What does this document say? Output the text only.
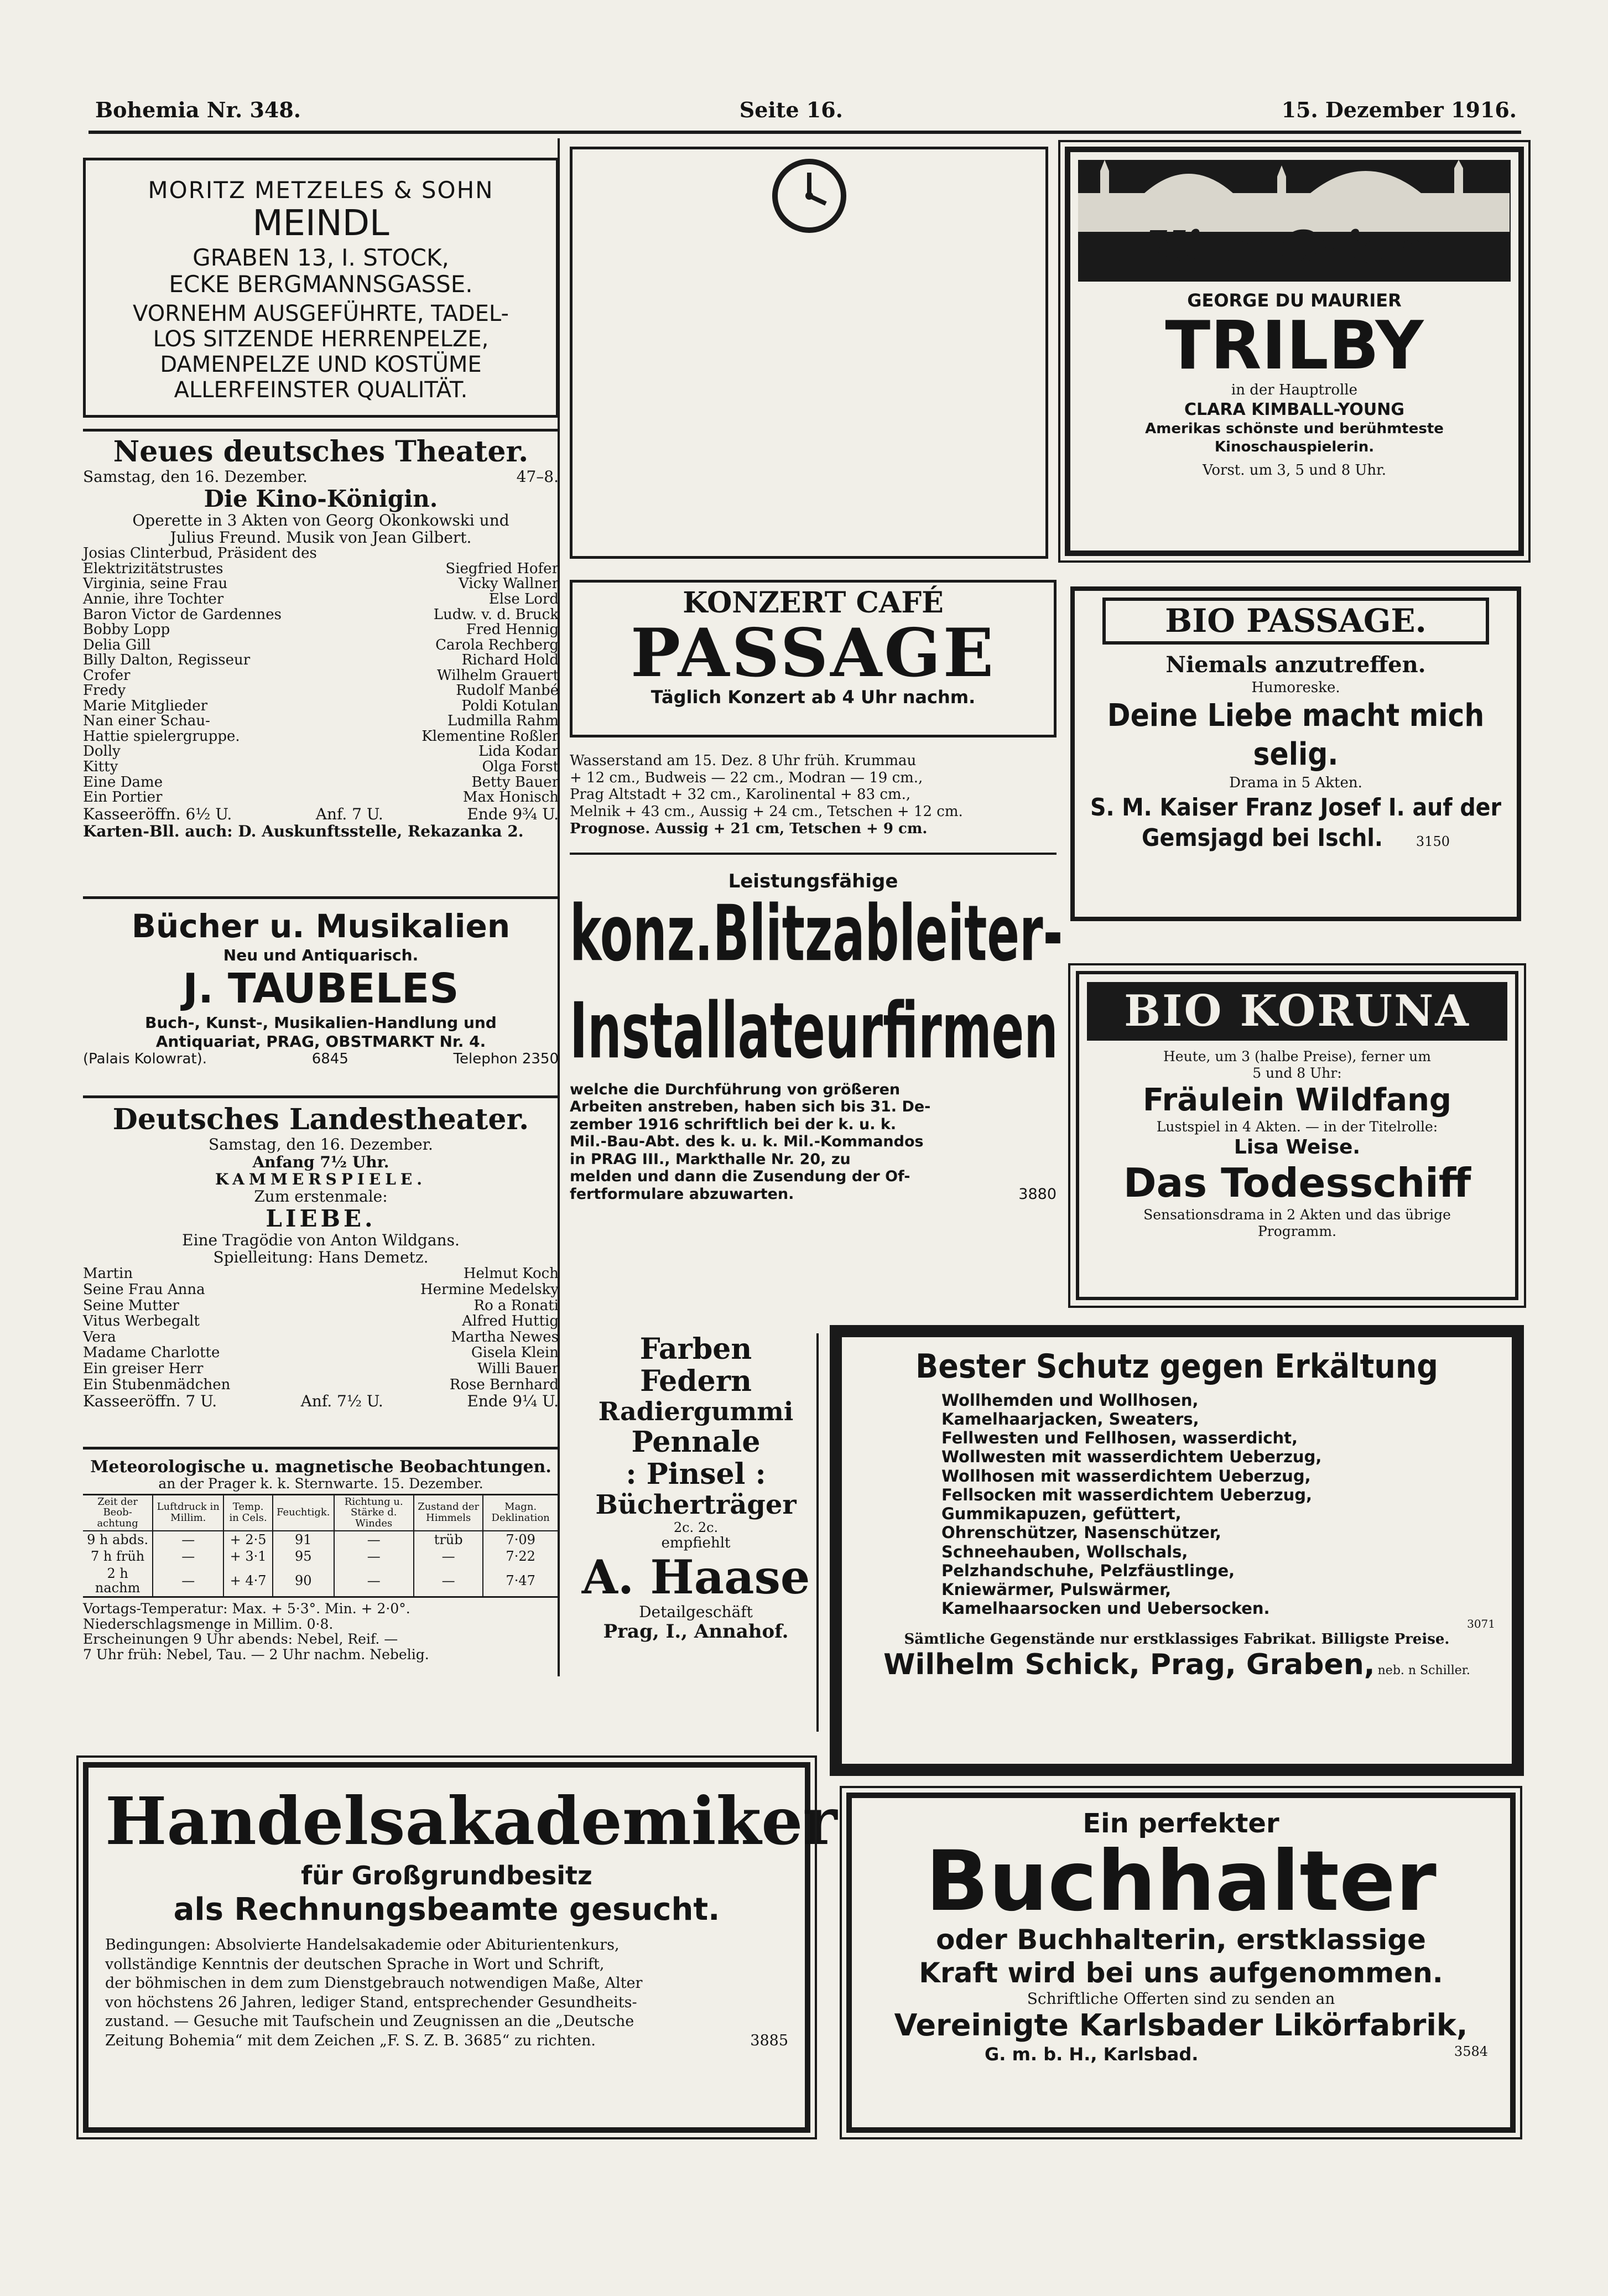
Bohemia Nr. 348.	Seite 16.	15. Dezember 1916.
MORITZ METZELES & SOHN
MEINDL
GRABEN 13, I. STOCK,
ECKE BERGMANNSGASSE.
VORNEHM AUSGEFÜHRTE, TADEL-
LOS SITZENDE HERRENPELZE,
DAMENPELZE UND KOSTÜME
ALLERFEINSTER QUALITÄT.
Neues deutsches Theater.
Samstag, den 16. Dezember.	47–8.
Die Kino-Königin.
Operette in 3 Akten von Georg Okonkowski und
Julius Freund. Musik von Jean Gilbert.
Josias Clinterbud, Präsident des
Elektrizitätstrustes	Siegfried Hofer
Virginia, seine Frau	Vicky Wallner
Annie, ihre Tochter	Else Lord
Baron Victor de Gardennes	Ludw. v. d. Bruck
Bobby Lopp	Fred Hennig
Delia Gill	Carola Rechberg
Billy Dalton, Regisseur	Richard Hold
Crofer	Wilhelm Grauert
Fredy	Rudolf Manbé
Marie Mitglieder	Poldi Kotulan
Nan einer Schau-	Ludmilla Rahm
Hattie spielergruppe.	Klementine Roßler
Dolly	Lida Kodar
Kitty	Olga Forst
Eine Dame	Betty Bauer
Ein Portier	Max Honisch
Kasseeröffn. 6½ U.	Anf. 7 U.	Ende 9¾ U.
Karten-Bll. auch: D. Auskunftsstelle, Rekazanka 2.
Bücher u. Musikalien
Neu und Antiquarisch.
J. TAUBELES
Buch-, Kunst-, Musikalien-Handlung und
Antiquariat, PRAG, OBSTMARKT Nr. 4.
(Palais Kolowrat).	6845	Telephon 2350
Deutsches Landestheater.
Samstag, den 16. Dezember.
Anfang 7½ Uhr.
KAMMERSPIELE.
Zum erstenmale:
LIEBE.
Eine Tragödie von Anton Wildgans.
Spielleitung: Hans Demetz.
Martin	Helmut Koch
Seine Frau Anna	Hermine Medelsky
Seine Mutter	Ro a Ronati
Vitus Werbegalt	Alfred Huttig
Vera	Martha Newes
Madame Charlotte	Gisela Klein
Ein greiser Herr	Willi Bauer
Ein Stubenmädchen	Rose Bernhard
Kasseeröffn. 7 U.	Anf. 7½ U.	Ende 9¼ U.
Meteorologische u. magnetische Beobachtungen.
an der Prager k. k. Sternwarte. 15. Dezember.
Zeit der Beob-achtung	Luftdruck in Millim.	Temp. in Cels.	Feuchtigk.	Richtung u. Stärke d. Windes	Zustand der Himmels	Magn. Deklination
9 h abds.	—	+ 2·5	91	—	trüb	7·09
7 h früh	—	+ 3·1	95	—	—	7·22
2 h nachm	—	+ 4·7	90	—	—	7·47
Vortags-Temperatur: Max. + 5·3°. Min. + 2·0°.
Niederschlagsmenge in Millim. 0·8.
Erscheinungen 9 Uhr abends: Nebel, Reif. —
7 Uhr früh: Nebel, Tau. — 2 Uhr nachm. Nebelig.
KONZERT CAFÉ
PASSAGE
Täglich Konzert ab 4 Uhr nachm.
Wasserstand am 15. Dez. 8 Uhr früh. Krummau
+ 12 cm., Budweis — 22 cm., Modran — 19 cm.,
Prag Altstadt + 32 cm., Karolinental + 83 cm.,
Melnik + 43 cm., Aussig + 24 cm., Tetschen + 12 cm.
Prognose. Aussig + 21 cm, Tetschen + 9 cm.
Leistungsfähige
konz.Blitzableiter-
Installateurfirmen
welche die Durchführung von größeren
Arbeiten anstreben, haben sich bis 31. De-
zember 1916 schriftlich bei der k. u. k.
Mil.-Bau-Abt. des k. u. k. Mil.-Kommandos
in PRAG III., Markthalle Nr. 20, zu
melden und dann die Zusendung der Of-
fertformulare abzuwarten.	3880
Farben
Federn
Radiergummi
Pennale
: Pinsel :
Bücherträger
2c. 2c.
empfiehlt
A. Haase
Detailgeschäft
Prag, I., Annahof.
Kino Orient
GEORGE DU MAURIER
TRILBY
in der Hauptrolle
CLARA KIMBALL-YOUNG
Amerikas schönste und berühmteste
Kinoschauspielerin.
Vorst. um 3, 5 und 8 Uhr.
BIO PASSAGE.
Niemals anzutreffen.
Humoreske.
Deine Liebe macht mich selig.
Drama in 5 Akten.
S. M. Kaiser Franz Josef I. auf der
Gemsjagd bei Ischl.	3150
BIO KORUNA
Heute, um 3 (halbe Preise), ferner um
5 und 8 Uhr:
Fräulein Wildfang
Lustspiel in 4 Akten. — in der Titelrolle:
Lisa Weise.
Das Todesschiff
Sensationsdrama in 2 Akten und das übrige
Programm.
Bester Schutz gegen Erkältung
Wollhemden und Wollhosen,
Kamelhaarjacken, Sweaters,
Fellwesten und Fellhosen, wasserdicht,
Wollwesten mit wasserdichtem Ueberzug,
Wollhosen mit wasserdichtem Ueberzug,
Fellsocken mit wasserdichtem Ueberzug,
Gummikapuzen, gefüttert,
Ohrenschützer, Nasenschützer,
Schneehauben, Wollschals,
Pelzhandschuhe, Pelzfäustlinge,
Kniewärmer, Pulswärmer,
Kamelhaarsocken und Uebersocken.
3071
Sämtliche Gegenstände nur erstklassiges Fabrikat. Billigste Preise.
Wilhelm Schick, Prag, Graben, neb. n Schiller.
Handelsakademiker
für Großgrundbesitz
als Rechnungsbeamte gesucht.
Bedingungen: Absolvierte Handelsakademie oder Abiturientenkurs,
vollständige Kenntnis der deutschen Sprache in Wort und Schrift,
der böhmischen in dem zum Dienstgebrauch notwendigen Maße, Alter
von höchstens 26 Jahren, lediger Stand, entsprechender Gesundheits-
zustand. — Gesuche mit Taufschein und Zeugnissen an die „Deutsche
Zeitung Bohemia“ mit dem Zeichen „F. S. Z. B. 3685“ zu richten.	3885
Ein perfekter
Buchhalter
oder Buchhalterin, erstklassige
Kraft wird bei uns aufgenommen.
Schriftliche Offerten sind zu senden an
Vereinigte Karlsbader Likörfabrik,
G. m. b. H., Karlsbad.	3584
